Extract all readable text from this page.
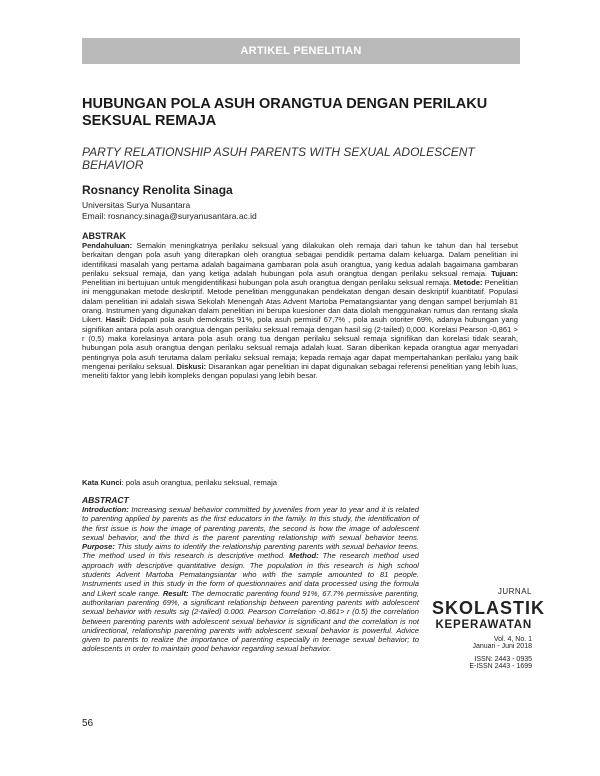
ARTIKEL PENELITIAN
HUBUNGAN POLA ASUH ORANGTUA DENGAN PERILAKU SEKSUAL REMAJA
PARTY RELATIONSHIP ASUH PARENTS WITH SEXUAL ADOLESCENT BEHAVIOR
Rosnancy Renolita Sinaga
Universitas Surya Nusantara
Email: rosnancy.sinaga@suryanusantara.ac.id
ABSTRAK
Pendahuluan: Semakin meningkatnya perilaku seksual yang dilakukan oleh remaja dari tahun ke tahun dan hal tersebut berkaitan dengan pola asuh yang diterapkan oleh orangtua sebagai pendidik pertama dalam keluarga. Dalam penelitian ini identifikasi masalah yang pertama adalah bagaimana gambaran pola asuh orangtua, yang kedua adalah bagaimana gambaran perilaku seksual remaja, dan yang ketiga adalah hubungan pola asuh orangtua dengan perilaku seksual remaja. Tujuan: Penelitian ini bertujuan untuk mengidentifikasi hubungan pola asuh orangtua dengan perilaku seksual remaja. Metode: Penelitian ini menggunakan metode deskriptif. Metode penelitian menggunakan pendekatan dengan desain deskriptif kuantitatif. Populasi dalam penelitian ini adalah siswa Sekolah Menengah Atas Advent Martoba Pematangsiantar yang dengan sampel berjumlah 81 orang. Instrumen yang digunakan dalam penelitian ini berupa kuesioner dan data diolah menggunakan rumus dan rentang skala Likert. Hasil: Didapati pola asuh demokratis 91%, pola asuh permisif 67,7% , pola asuh otoriter 69%, adanya hubungan yang signifikan antara pola asuh orangtua dengan perilaku seksual remaja dengan hasil sig (2-tailed) 0,000. Korelasi Pearson -0,861 > r (0,5) maka korelasinya antara pola asuh orang tua dengan perilaku seksual remaja signifikan dan korelasi tidak searah, hubungan pola asuh orangtua dengan perilaku seksual remaja adalah kuat. Saran diberikan kepada orangtua agar menyadari pentingnya pola asuh terutama dalam perilaku seksual remaja; kepada remaja agar dapat mempertahankan perilaku yang baik mengenai perilaku seksual. Diskusi: Disarankan agar penelitian ini dapat digunakan sebagai referensi penelitian yang lebih luas, meneliti faktor yang lebih kompleks dengan populasi yang lebih besar.
Kata Kunci: pola asuh orangtua, perilaku seksual, remaja
ABSTRACT
Introduction: Increasing sexual behavior committed by juveniles from year to year and it is related to parenting applied by parents as the first educators in the family. In this study, the identification of the first issue is how the image of parenting parents, the second is how the image of adolescent sexual behavior, and the third is the parent parenting relationship with sexual behavior teens. Purpose: This study aims to identify the relationship parenting parents with sexual behavior teens. The method used in this research is descriptive method. Method: The research method used approach with descriptive quantitative design. The population in this research is high school students Advent Martoba Pematangsiantar who with the sample amounted to 81 people. Instruments used in this study in the form of questionnaires and data processed using the formula and Likert scale range. Result: The democratic parenting found 91%, 67.7% permissive parenting, authoritarian parenting 69%, a significant relationship between parenting parents with adolescent sexual behavior with results sig (2-tailed) 0.000. Pearson Correlation -0.861> r (0.5) the correlation between parenting parents with adolescent sexual behavior is significant and the correlation is not unidirectional, relationship parenting parents with adolescent sexual behavior is powerful. Advice given to parents to realize the importance of parenting especially in teenage sexual behavior; to adolescents in order to maintain good behavior regarding sexual behavior.
JURNAL
SKOLASTIK
KEPERAWATAN
Vol. 4, No. 1
Januari - Juni 2018
ISSN: 2443 - 0935
E-ISSN 2443 - 1699
56
